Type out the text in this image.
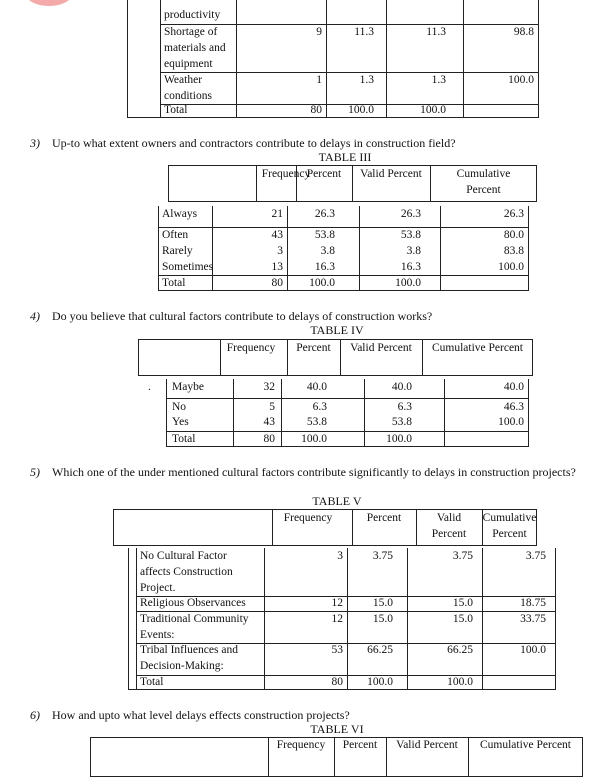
productivity
Shortage of
materials and
equipment
9	11.3	11.3	98.8
Weather
conditions
1	1.3	1.3	100.0
Total	80	100.0	100.0
3) Up-to what extent owners and contractors contribute to delays in construction field?
TABLE III
Frequency
Percent	Valid Percent	Cumulative
Percent
Always	21	26.3	26.3	26.3
Often	43	53.8	53.8	80.0
Rarely	3	3.8	3.8	83.8
Sometimes	13	16.3	16.3	100.0
Total	80	100.0	100.0
4) Do you believe that cultural factors contribute to delays of construction works?
TABLE IV
Frequency	Percent	Valid Percent	Cumulative Percent
. Maybe	32	40.0	40.0	40.0
No	5	6.3	6.3	46.3
Yes	43	53.8	53.8	100.0
Total	80	100.0	100.0
5) Which one of the under mentioned cultural factors contribute significantly to delays in construction projects?
TABLE V
Frequency	Percent	Valid
Percent
Cumulative
Percent
No Cultural Factor
affects Construction
Project.
3	3.75	3.75	3.75
Religious Observances	12	15.0	15.0	18.75
Traditional Community
Events:
12	15.0	15.0	33.75
Tribal Influences and
Decision-Making:
53	66.25	66.25	100.0
Total	80	100.0	100.0
6) How and upto what level delays effects construction projects?
TABLE VI
Frequency	Percent	Valid Percent	Cumulative Percent
